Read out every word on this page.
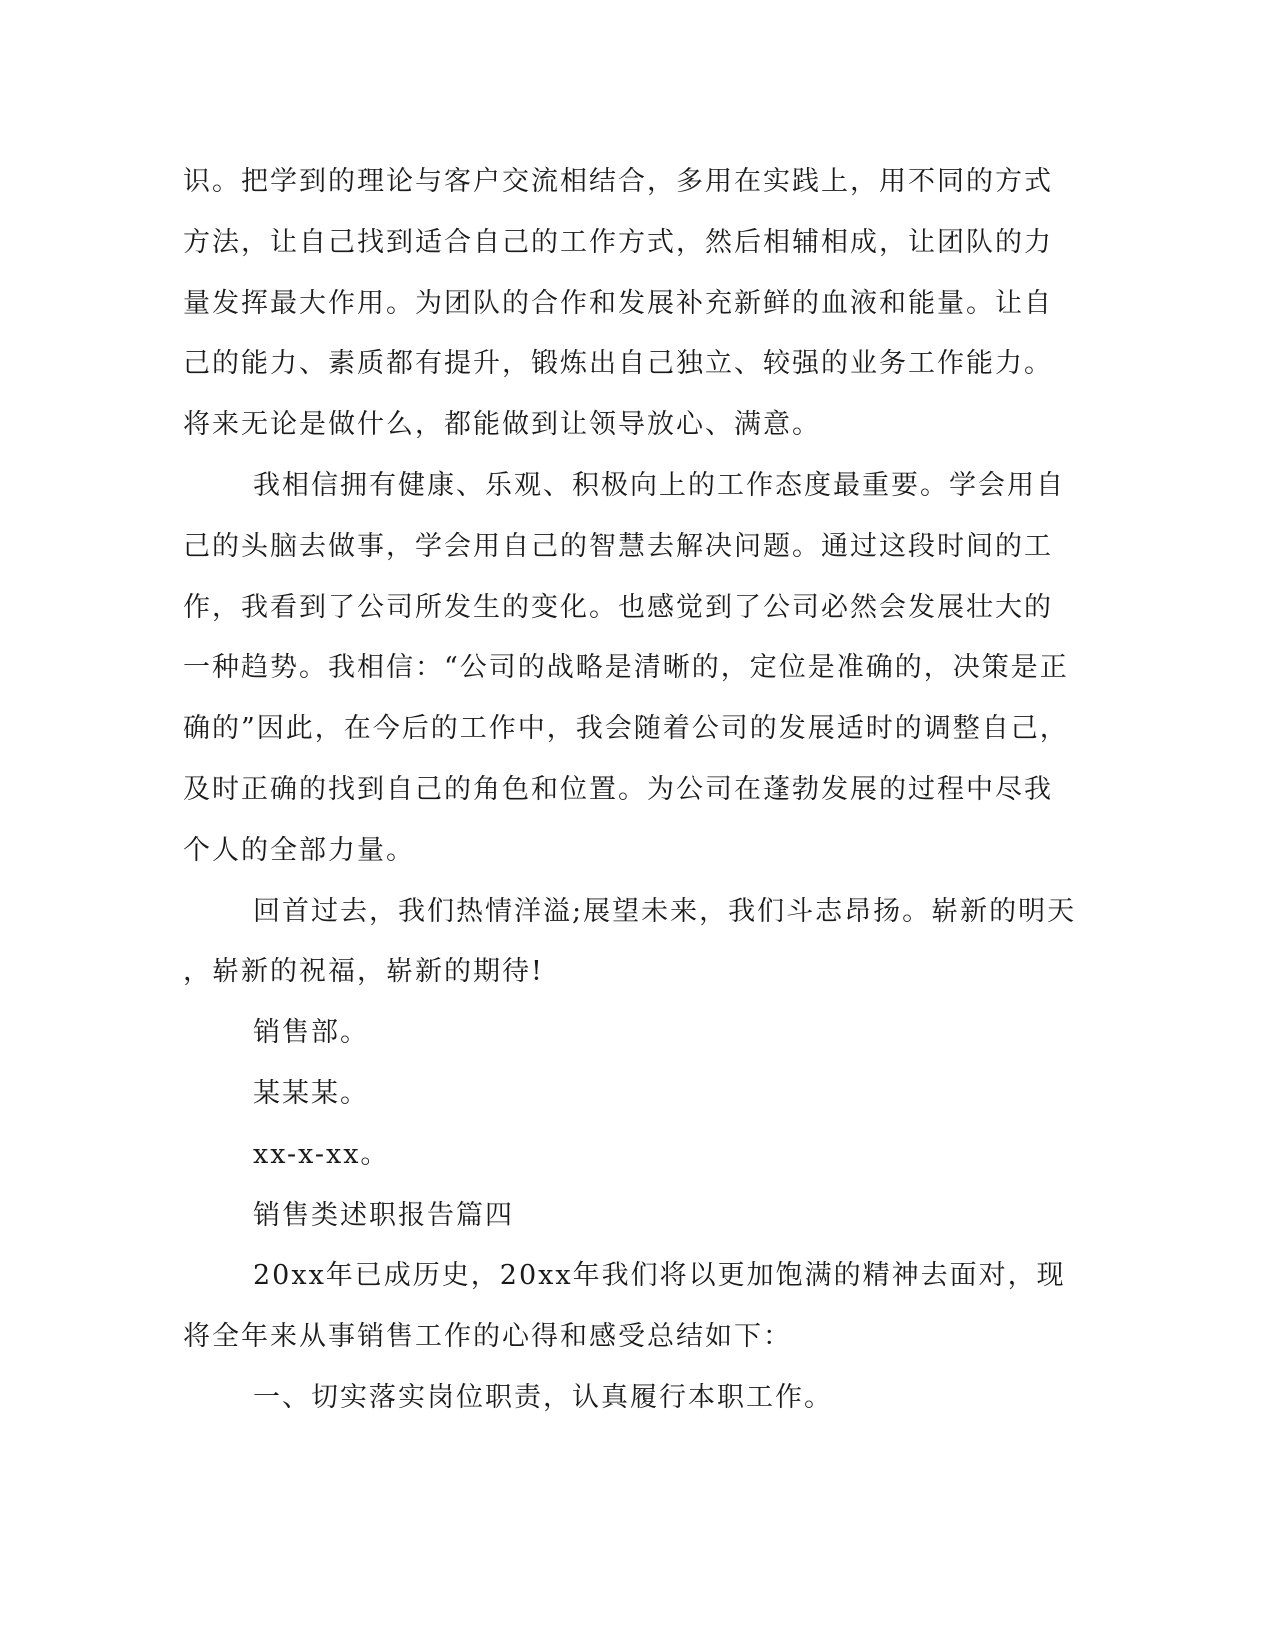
识。把学到的理论与客户交流相结合，多用在实践上，用不同的方式
方法，让自己找到适合自己的工作方式，然后相辅相成，让团队的力
量发挥最大作用。为团队的合作和发展补充新鲜的血液和能量。让自
己的能力、素质都有提升，锻炼出自己独立、较强的业务工作能力。
将来无论是做什么，都能做到让领导放心、满意。
我相信拥有健康、乐观、积极向上的工作态度最重要。学会用自
己的头脑去做事，学会用自己的智慧去解决问题。通过这段时间的工
作，我看到了公司所发生的变化。也感觉到了公司必然会发展壮大的
一种趋势。我相信：“公司的战略是清晰的，定位是准确的，决策是正
确的”因此，在今后的工作中，我会随着公司的发展适时的调整自己，
及时正确的找到自己的角色和位置。为公司在蓬勃发展的过程中尽我
个人的全部力量。
回首过去，我们热情洋溢;展望未来，我们斗志昂扬。崭新的明天
，崭新的祝福，崭新的期待!
销售部。
某某某。
xx-x-xx。
销售类述职报告篇四
20xx年已成历史，20xx年我们将以更加饱满的精神去面对，现
将全年来从事销售工作的心得和感受总结如下：
一、切实落实岗位职责，认真履行本职工作。
